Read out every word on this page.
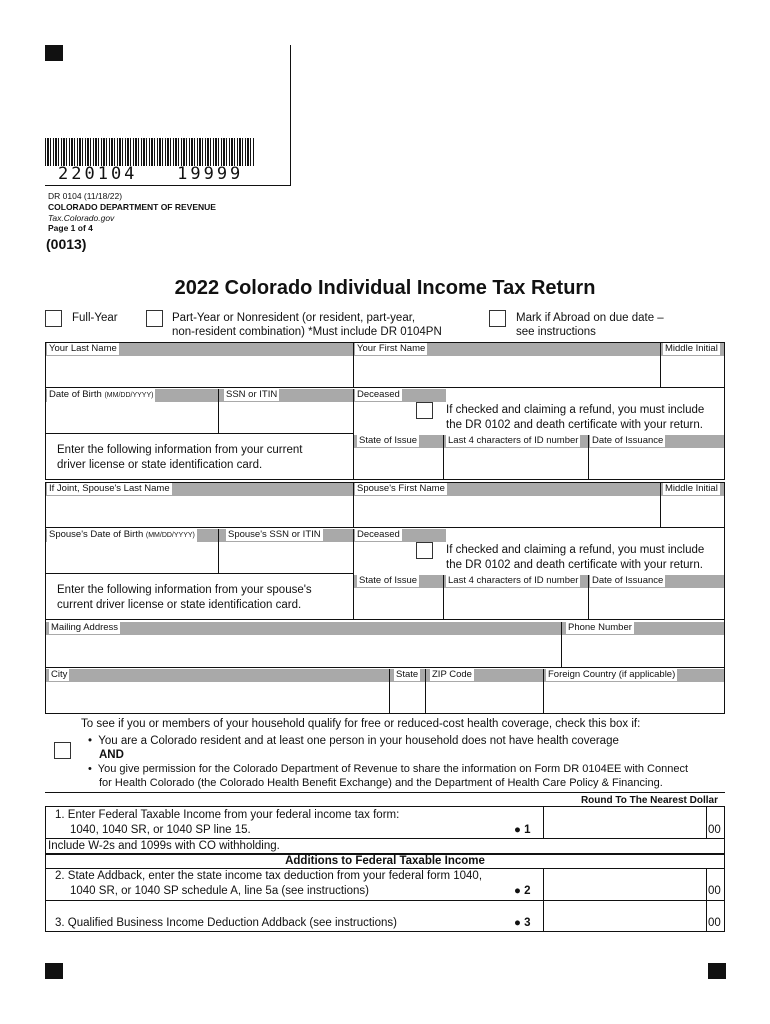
220104   19999
DR 0104 (11/18/22)
COLORADO DEPARTMENT OF REVENUE
Tax.Colorado.gov
Page 1 of 4
(0013)
2022 Colorado Individual Income Tax Return
Full-Year	Part-Year or Nonresident (or resident, part-year,
non-resident combination) *Must include DR 0104PN
Mark if Abroad on due date –
see instructions
Your Last Name	Your First Name	Middle Initial
Date of Birth (MM/DD/YYYY)	SSN or ITIN	Deceased
If checked and claiming a refund, you must include
the DR 0102 and death certificate with your return.
Enter the following information from your current
driver license or state identification card.
State of Issue	Last 4 characters of ID number Date of Issuance
If Joint, Spouse's Last Name	Spouse's First Name	Middle Initial
Spouse's Date of Birth (MM/DD/YYYY)	Spouse's SSN or ITIN	Deceased
If checked and claiming a refund, you must include
the DR 0102 and death certificate with your return.
Enter the following information from your spouse's
current driver license or state identification card.
State of Issue	Last 4 characters of ID number Date of Issuance
Mailing Address	Phone Number
City	State ZIP Code	Foreign Country (if applicable)
To see if you or members of your household qualify for free or reduced-cost health coverage, check this box if:
•  You are a Colorado resident and at least one person in your household does not have health coverage
AND
•  You give permission for the Colorado Department of Revenue to share the information on Form DR 0104EE with Connect
for Health Colorado (the Colorado Health Benefit Exchange) and the Department of Health Care Policy & Financing.
Round To The Nearest Dollar
1. Enter Federal Taxable Income from your federal income tax form:
1040, 1040 SR, or 1040 SP line 15.	● 1	00
Include W-2s and 1099s with CO withholding.
Additions to Federal Taxable Income
2. State Addback, enter the state income tax deduction from your federal form 1040,
1040 SR, or 1040 SP schedule A, line 5a (see instructions)	● 2	00
3. Qualified Business Income Deduction Addback (see instructions)	● 3	00
